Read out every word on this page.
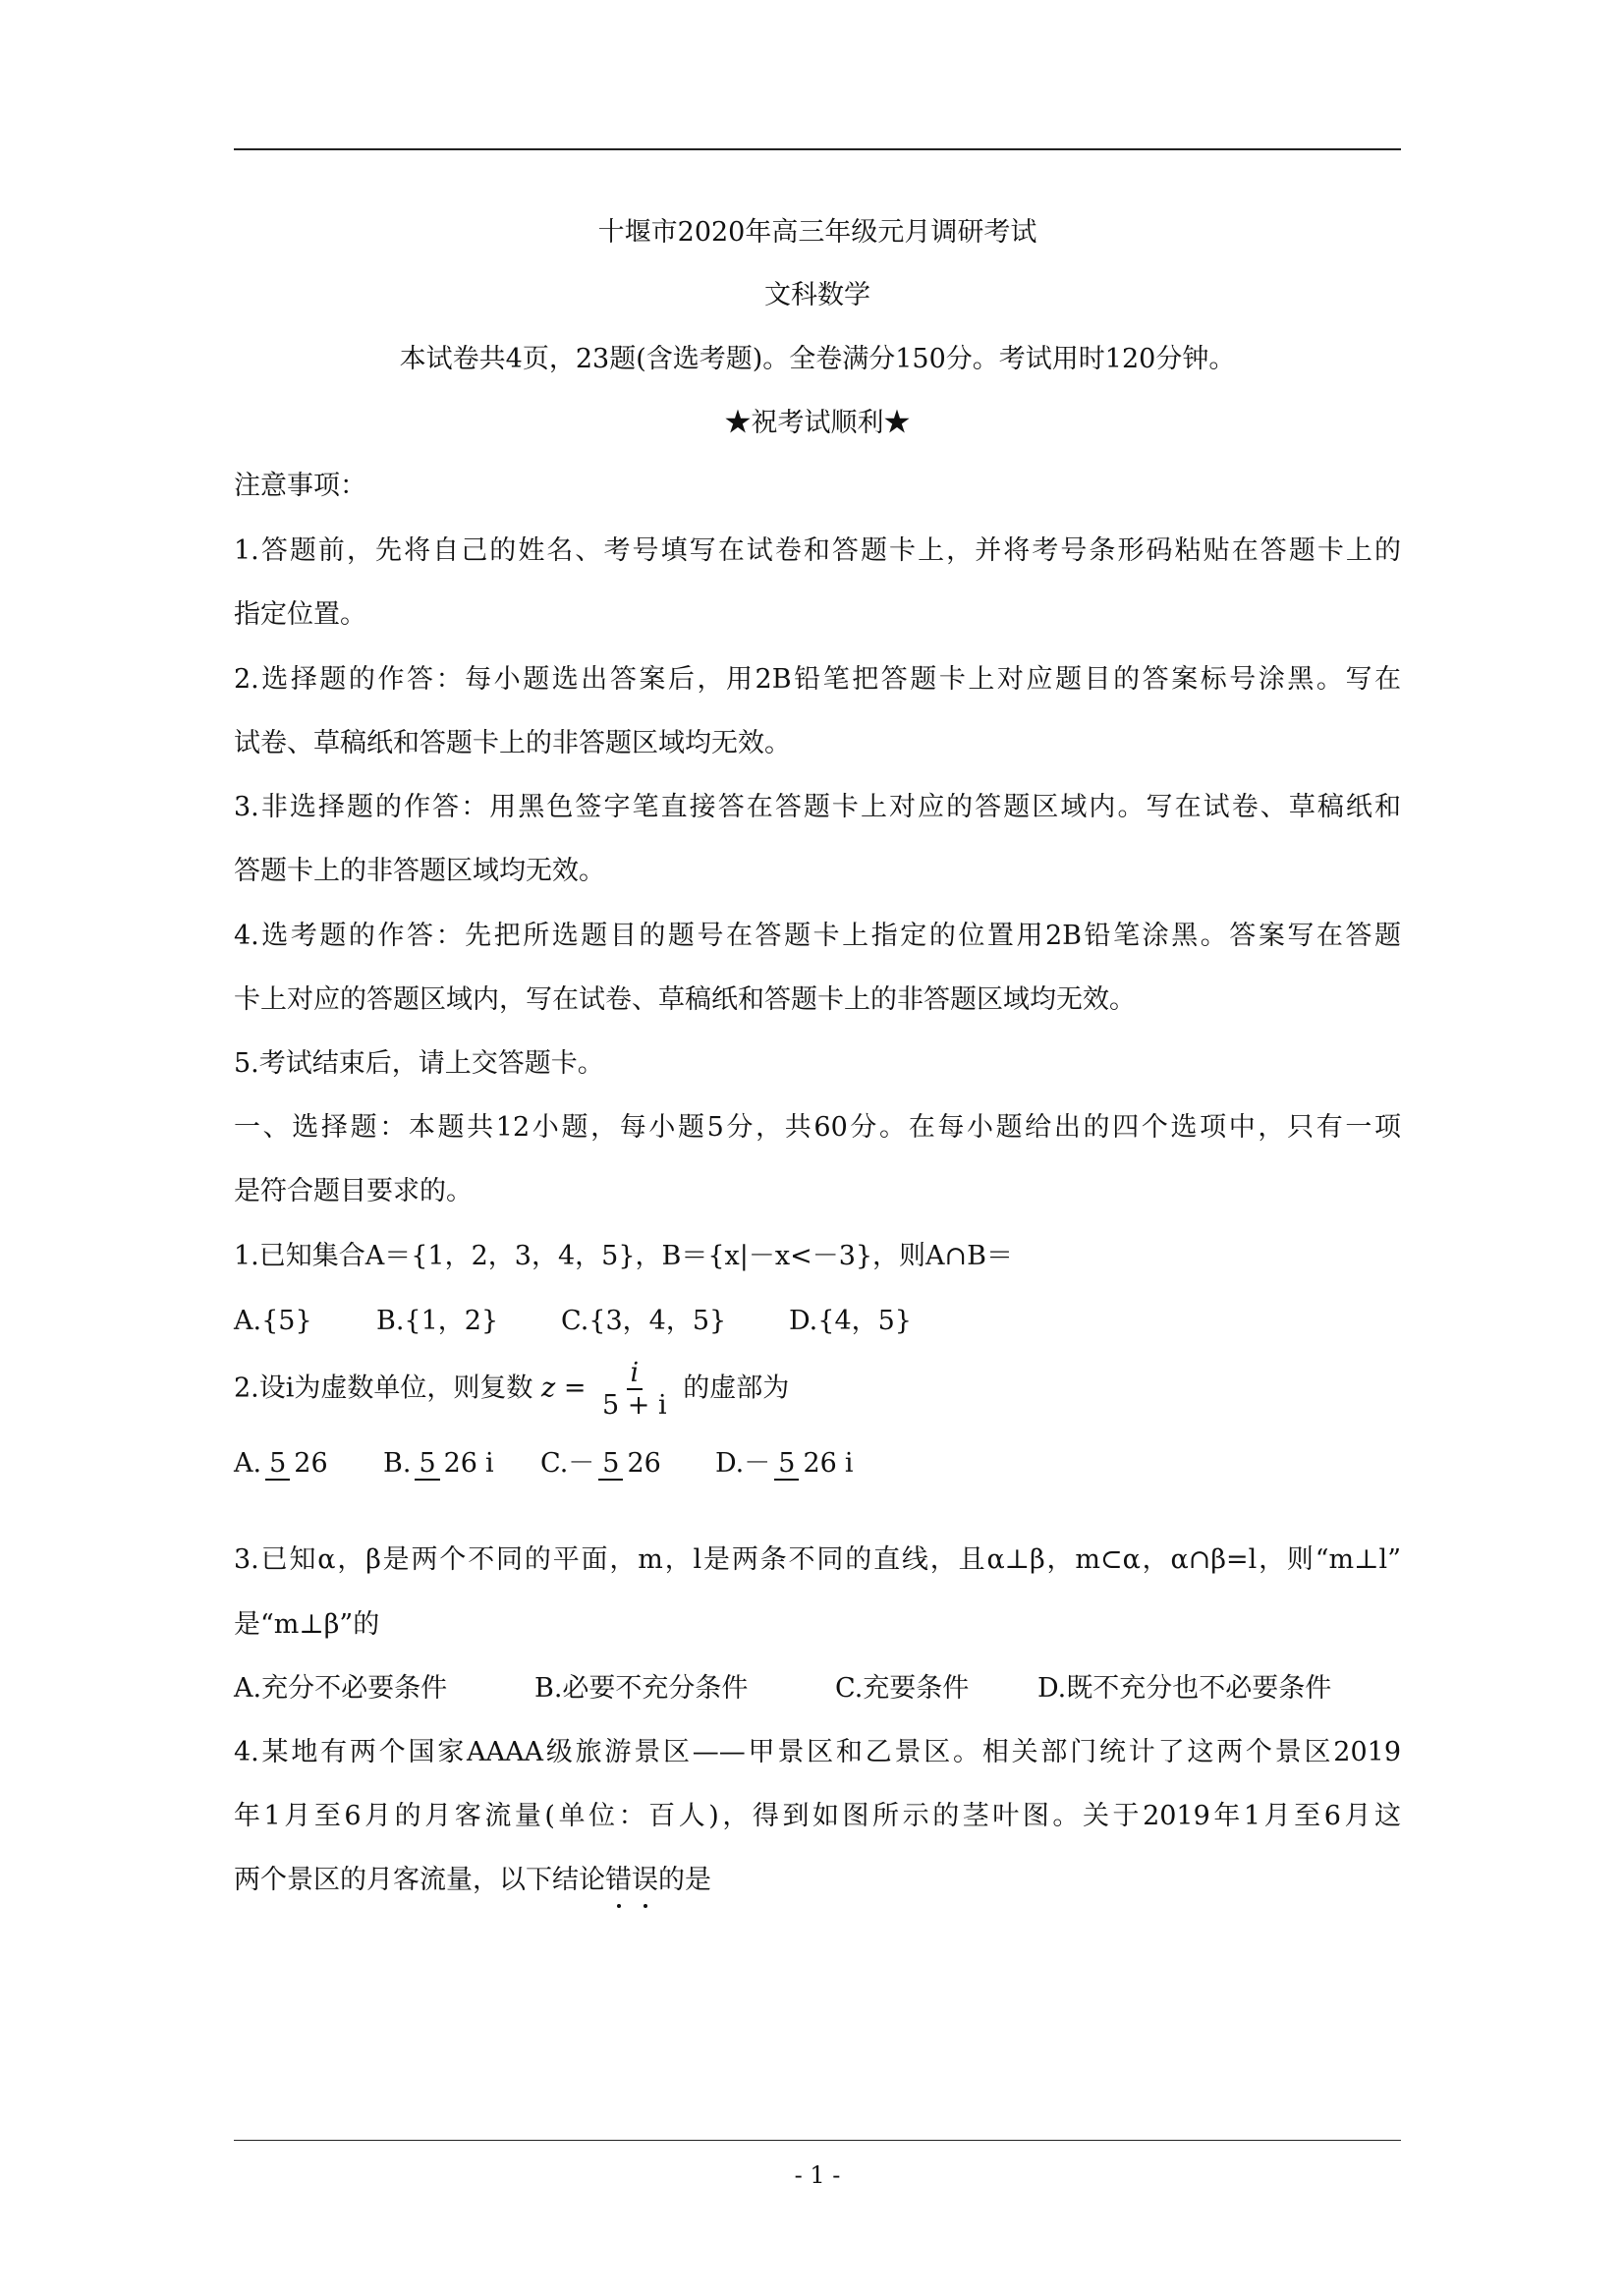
十堰市2020年高三年级元月调研考试
文科数学
本试卷共4页，23题(含选考题)。全卷满分150分。考试用时120分钟。
★祝考试顺利★
注意事项：
1.答题前，先将自己的姓名、考号填写在试卷和答题卡上，并将考号条形码粘贴在答题卡上的
指定位置。
2.选择题的作答：每小题选出答案后，用2B铅笔把答题卡上对应题目的答案标号涂黑。写在
试卷、草稿纸和答题卡上的非答题区域均无效。
3.非选择题的作答：用黑色签字笔直接答在答题卡上对应的答题区域内。写在试卷、草稿纸和
答题卡上的非答题区域均无效。
4.选考题的作答：先把所选题目的题号在答题卡上指定的位置用2B铅笔涂黑。答案写在答题
卡上对应的答题区域内，写在试卷、草稿纸和答题卡上的非答题区域均无效。
5.考试结束后，请上交答题卡。
一、选择题：本题共12小题，每小题5分，共60分。在每小题给出的四个选项中，只有一项
是符合题目要求的。
1.已知集合A＝{1，2，3，4，5}，B＝{x|－x<－3}，则A∩B＝
A.{5} B.{1，2} C.{3，4，5} D.{4，5}
2.设i为虚数单位，则复数 $z = \frac{i}{5 + i}$ 的虚部为
A. 5 26 B. 5 26 i C.－ 5 26 D.－ 5 26 i
3.已知α，β是两个不同的平面，m，l是两条不同的直线，且α⊥β，m⊂α，α∩β=l，则“m⊥l”
是“m⊥β”的
A.充分不必要条件	B.必要不充分条件	C.充要条件	D.既不充分也不必要条件
4.某地有两个国家AAAA级旅游景区——甲景区和乙景区。相关部门统计了这两个景区2019
年1月至6月的月客流量(单位：百人)，得到如图所示的茎叶图。关于2019年1月至6月这
两个景区的月客流量，以下结论错误的是
- 1 -
